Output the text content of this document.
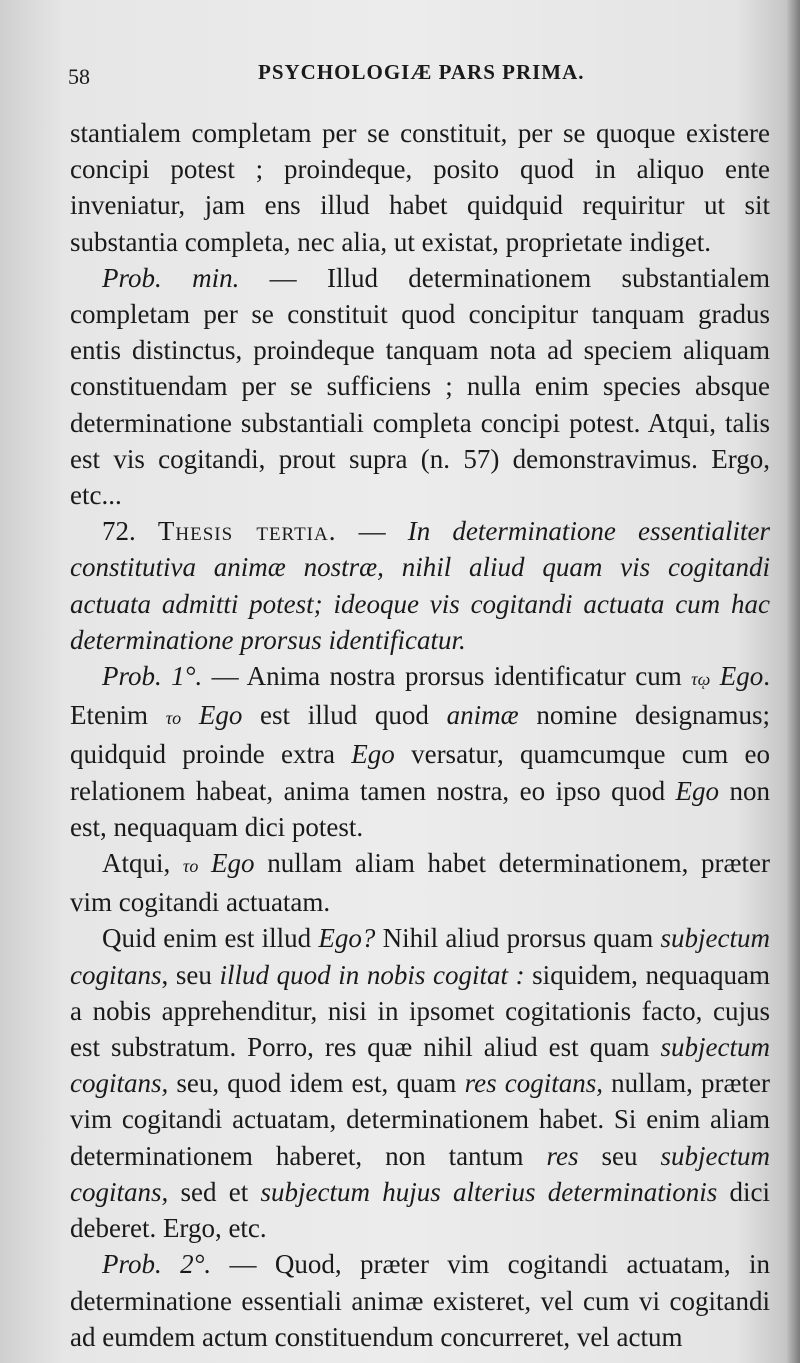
58	PSYCHOLOGIÆ PARS PRIMA.

stantialem completam per se constituit, per se quoque existere concipi potest ; proindeque, posito quod in aliquo ente inveniatur, jam ens illud habet quidquid requiritur ut sit substantia completa, nec alia, ut existat, proprietate indiget.

Prob. min. — Illud determinationem substantialem completam per se constituit quod concipitur tanquam gradus entis distinctus, proindeque tanquam nota ad speciem aliquam constituendam per se sufficiens ; nulla enim species absque determinatione substantiali completa concipi potest. Atqui, talis est vis cogitandi, prout supra (n. 57) demonstravimus. Ergo, etc...

72. Thesis tertia. — In determinatione essentialiter constitutiva animæ nostræ, nihil aliud quam vis cogitandi actuata admitti potest; ideoque vis cogitandi actuata cum hac determinatione prorsus identificatur.

Prob. 1°. — Anima nostra prorsus identificatur cum τῳ Ego. Etenim τo Ego est illud quod animæ nomine designamus; quidquid proinde extra Ego versatur, quamcumque cum eo relationem habeat, anima tamen nostra, eo ipso quod Ego non est, nequaquam dici potest.

Atqui, τo Ego nullam aliam habet determinationem, præter vim cogitandi actuatam.

Quid enim est illud Ego? Nihil aliud prorsus quam subjectum cogitans, seu illud quod in nobis cogitat : siquidem, nequaquam a nobis apprehenditur, nisi in ipsomet cogitationis facto, cujus est substratum. Porro, res quæ nihil aliud est quam subjectum cogitans, seu, quod idem est, quam res cogitans, nullam, præter vim cogitandi actuatam, determinationem habet. Si enim aliam determinationem haberet, non tantum res seu subjectum cogitans, sed et subjectum hujus alterius determinationis dici deberet. Ergo, etc.

Prob. 2°. — Quod, præter vim cogitandi actuatam, in determinatione essentiali animæ existeret, vel cum vi cogitandi ad eumdem actum constituendum concurreret, vel actum
